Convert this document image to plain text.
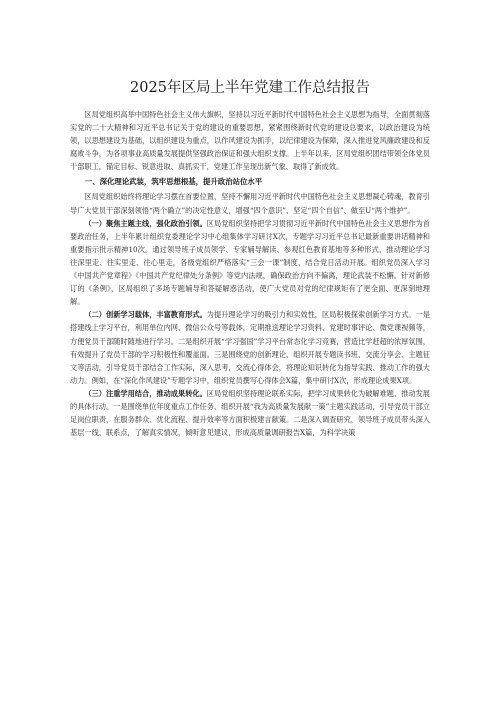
2025年区局上半年党建工作总结报告

区局党组织高举中国特色社会主义伟大旗帜，坚持以习近平新时代中国特色社会主义思想为指导，全面贯彻落实党的二十大精神和习近平总书记关于党的建设的重要思想，紧紧围绕新时代党的建设总要求，以政治建设为统领，以思想建设为基础，以组织建设为重点，以作风建设为抓手，以纪律建设为保障，深入推进党风廉政建设和反腐败斗争，为各项事业高质量发展提供坚强政治保证和强大组织支撑。上半年以来，区局党组织团结带领全体党员干部职工，锚定目标、锐意进取、真抓实干，党建工作呈现出新气象、取得了新成效。

一、深化理论武装，筑牢思想根基，提升政治站位水平

区局党组织始终将理论学习摆在首要位置，坚持不懈用习近平新时代中国特色社会主义思想凝心铸魂，教育引导广大党员干部深刻领悟“两个确立”的决定性意义，增强“四个意识”、坚定“四个自信”、做至U“两个维护”。

（一）聚焦主题主线，强化政治引领。区局党组织坚持把学习贯彻习近平新时代中国特色社会主义思想作为首要政治任务，上半年累计组织党委理论学习中心组集体学习研讨X次，专题学习习近平总书记最新重要讲话精神和重要指示批示精神10次。通过领导班子成员领学、专家辅导解读、参观红色教育基地等多种形式，推动理论学习往深里走、往实里走、往心里走，各级党组织严格落实“三会一课”制度，结合党日活动开展。组织党员深入学习《中国共产党章程》《中国共产党纪律处分条例》等党内法规，确保政治方向不偏离，理论武装不松懈。针对新修订的《条例》，区局组织了多场专题辅导和答疑解惑活动，使广大党员对党的纪律规矩有了更全面、更深刻地理解。

（二）创新学习载体，丰富教育形式。为提升理论学习的吸引力和实效性，区局积极探索创新学习方式。一是搭建线上学习平台，利用单位内网、微信公众号等载体，定期推送理论学习资料、党建时事评论、微党课视频等，方便党员干部随时随地进行学习。二是组织开展“学习强国”学习平台常态化学习竞赛，营造比学赶超的浓厚氛围，有效提升了党员干部的学习积极性和覆盖面。三是围绕党的创新理论，组织开展专题读书班、交流分享会、主题征文等活动，引导党员干部结合工作实际，深入思考，交流心得体会，将理论知识转化为指导实践、推动工作的强大动力。例如，在“深化作风建设”专题学习中，组织党员撰写心得体会X篇，集中研讨X次，形成理论成果X项。

（三）注重学用结合，推动成果转化。区局党组织坚持理论联系实际，把学习成果转化为破解难题、推动发展的具体行动。一是围绕单位年度重点工作任务，组织开展“我为高质量发展献一策”主题实践活动，引导党员干部立足岗位职责，在服务群众、优化流程、提升效率等方面积极建言献策。二是深入调查研究，领导班子成员带头深入基层一线、联系点，了解真实情况，倾听意见建议，形成高质量调研报告X篇，为科学决策
